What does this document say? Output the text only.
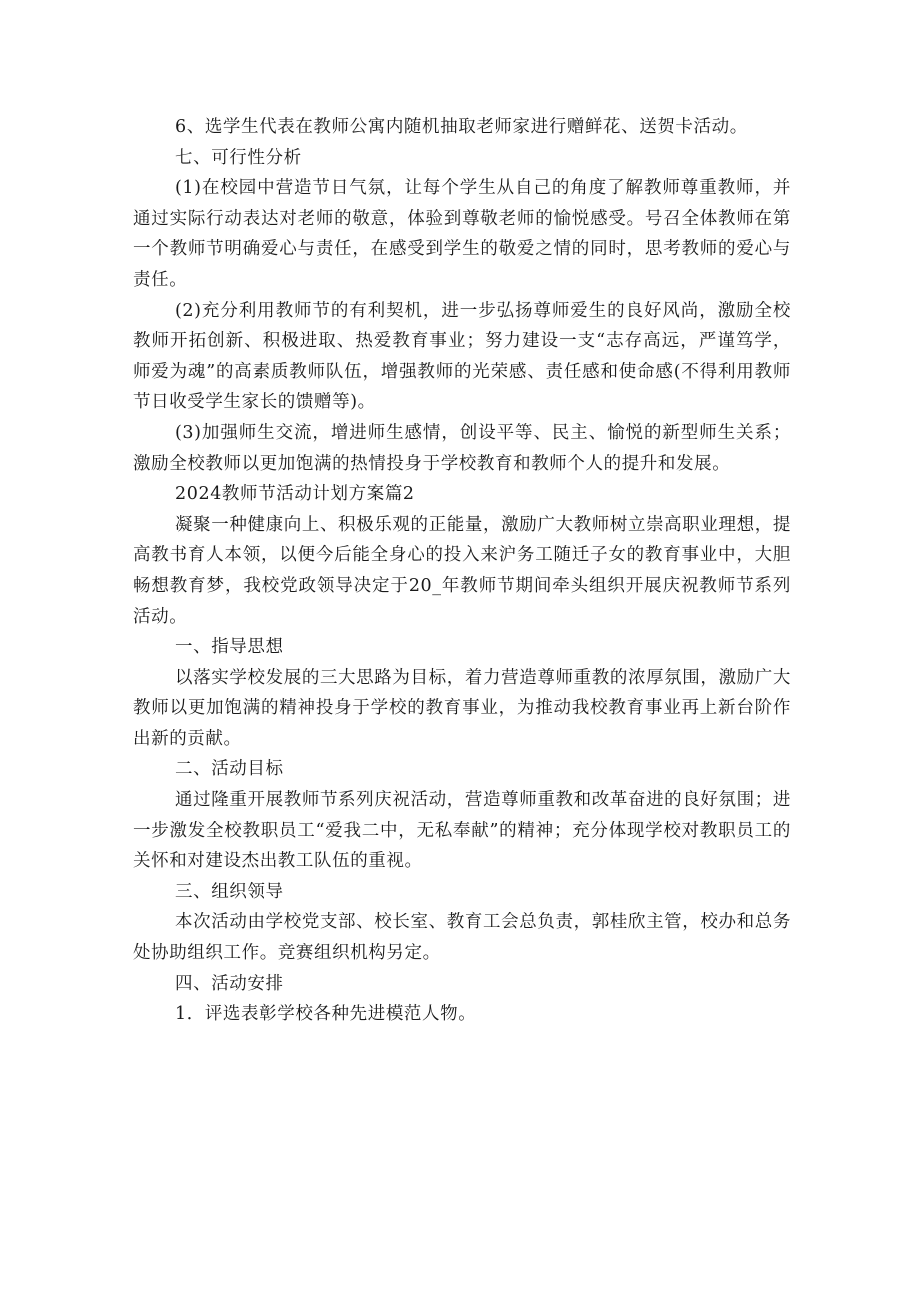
6、选学生代表在教师公寓内随机抽取老师家进行赠鲜花、送贺卡活动。

七、可行性分析

(1)在校园中营造节日气氛，让每个学生从自己的角度了解教师尊重教师，并通过实际行动表达对老师的敬意，体验到尊敬老师的愉悦感受。号召全体教师在第一个教师节明确爱心与责任，在感受到学生的敬爱之情的同时，思考教师的爱心与责任。

(2)充分利用教师节的有利契机，进一步弘扬尊师爱生的良好风尚，激励全校教师开拓创新、积极进取、热爱教育事业；努力建设一支“志存高远，严谨笃学，师爱为魂”的高素质教师队伍，增强教师的光荣感、责任感和使命感(不得利用教师节日收受学生家长的馈赠等)。

(3)加强师生交流，增进师生感情，创设平等、民主、愉悦的新型师生关系；激励全校教师以更加饱满的热情投身于学校教育和教师个人的提升和发展。

2024教师节活动计划方案篇2

凝聚一种健康向上、积极乐观的正能量，激励广大教师树立崇高职业理想，提高教书育人本领，以便今后能全身心的投入来沪务工随迁子女的教育事业中，大胆畅想教育梦，我校党政领导决定于20_年教师节期间牵头组织开展庆祝教师节系列活动。

一、指导思想

以落实学校发展的三大思路为目标，着力营造尊师重教的浓厚氛围，激励广大教师以更加饱满的精神投身于学校的教育事业，为推动我校教育事业再上新台阶作出新的贡献。

二、活动目标

通过隆重开展教师节系列庆祝活动，营造尊师重教和改革奋进的良好氛围；进一步激发全校教职员工“爱我二中，无私奉献”的精神；充分体现学校对教职员工的关怀和对建设杰出教工队伍的重视。

三、组织领导

本次活动由学校党支部、校长室、教育工会总负责，郭桂欣主管，校办和总务处协助组织工作。竞赛组织机构另定。

四、活动安排

1．评选表彰学校各种先进模范人物。
